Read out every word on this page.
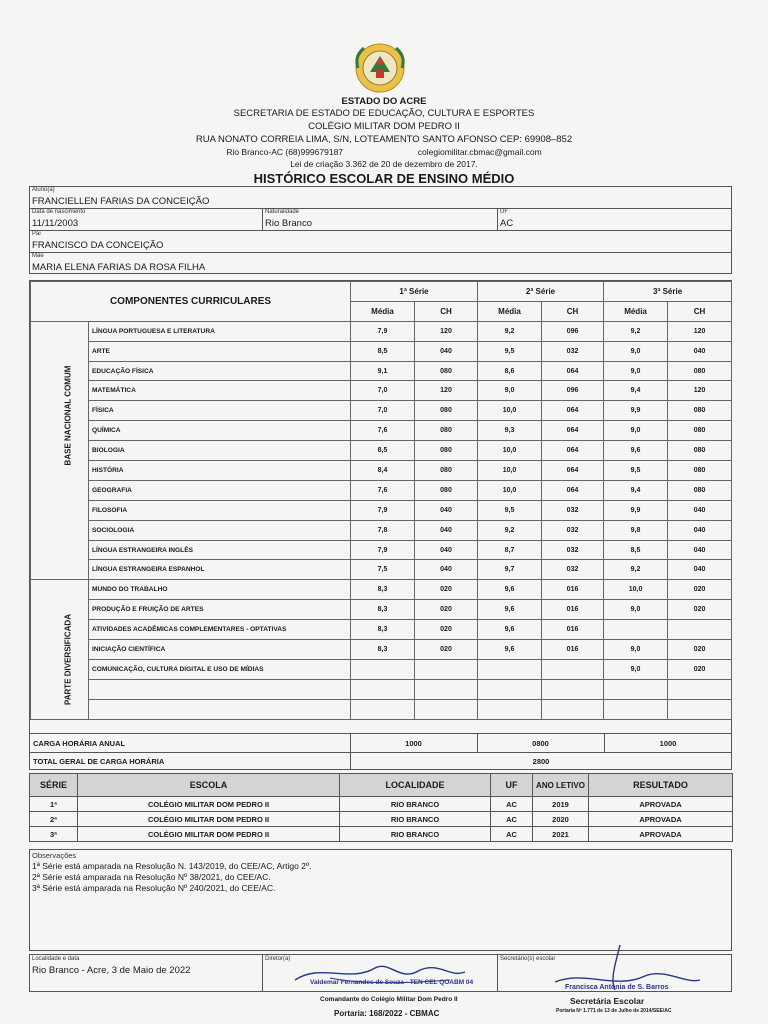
ESTADO DO ACRE
SECRETARIA DE ESTADO DE EDUCAÇÃO, CULTURA E ESPORTES
COLÉGIO MILITAR DOM PEDRO II
RUA NONATO CORREIA LIMA, S/N, LOTEAMENTO SANTO AFONSO CEP: 69908–852
Rio Branco-AC (68)999679187	colegiomilitar.cbmac@gmail.com
Lei de criação 3.362 de 20 de dezembro de 2017.
HISTÓRICO ESCOLAR DE ENSINO MÉDIO
Aluno(a)
FRANCIELLEN FARIAS DA CONCEIÇÃO
Data de nascimento
11/11/2003
Naturalidade
Rio Branco
UF
AC
Pai
FRANCISCO DA CONCEIÇÃO
Mãe
MARIA ELENA FARIAS DA ROSA FILHA
COMPONENTES CURRICULARES		1ª Série		2ª Série		3ª Série	
		Média	CH	Média	CH	Média	CH
	LÍNGUA PORTUGUESA E LITERATURA	7,9	120	9,2	096	9,2	120
	ARTE	8,5	040	9,5	032	9,0	040
	EDUCAÇÃO FÍSICA	9,1	080	8,6	064	9,0	080
	MATEMÁTICA	7,0	120	9,0	096	9,4	120
	FÍSICA	7,0	080	10,0	064	9,9	080
	QUÍMICA	7,6	080	9,3	064	9,0	080
	BIOLOGIA	8,5	080	10,0	064	9,6	080
	HISTÓRIA	8,4	080	10,0	064	9,5	080
	GEOGRAFIA	7,6	080	10,0	064	9,4	080
	FILOSOFIA	7,9	040	9,5	032	9,9	040
	SOCIOLOGIA	7,8	040	9,2	032	9,8	040
	LÍNGUA ESTRANGEIRA INGLÊS	7,9	040	8,7	032	8,5	040
	LÍNGUA ESTRANGEIRA ESPANHOL	7,5	040	9,7	032	9,2	040
	MUNDO DO TRABALHO	8,3	020	9,6	016	10,0	020
	PRODUÇÃO E FRUIÇÃO DE ARTES	8,3	020	9,6	016	9,0	020
	ATIVIDADES ACADÊMICAS COMPLEMENTARES - OPTATIVAS	8,3	020	9,6	016		
	INICIAÇÃO CIENTÍFICA	8,3	020	9,6	016	9,0	020
	COMUNICAÇÃO, CULTURA DIGITAL E USO DE MÍDIAS					9,0	020

BASE NACIONAL COMUM
PARTE DIVERSIFICADA
CARGA HORÁRIA ANUAL	1000	0800	1000
TOTAL GERAL DE CARGA HORÁRIA	2800
SÉRIE	ESCOLA	LOCALIDADE	UF	ANO LETIVO	RESULTADO
1ª	COLÉGIO MILITAR DOM PEDRO II	RIO BRANCO	AC	2019	APROVADA
2ª	COLÉGIO MILITAR DOM PEDRO II	RIO BRANCO	AC	2020	APROVADA
3ª	COLÉGIO MILITAR DOM PEDRO II	RIO BRANCO	AC	2021	APROVADA
Observações
1ª Série está amparada na Resolução N. 143/2019, do CEE/AC, Artigo 2º.
2ª Série está amparada na Resolução Nº 38/2021, do CEE/AC.
3ª Série está amparada na Resolução Nº 240/2021, do CEE/AC.
Localidade e data
Rio Branco - Acre, 3 de Maio de 2022
Diretor(a)	Secretário(s) escolar
Valdemar Fernandes de Souza - TEN CEL QOABM 04
Comandante do Colégio Militar Dom Pedro II
Portaria: 168/2022 - CBMAC
Francisca Antonia de S. Barros
Secretária Escolar
Portaria Nº 1.771 de 13 de Julho de 2014/SEE/AC
